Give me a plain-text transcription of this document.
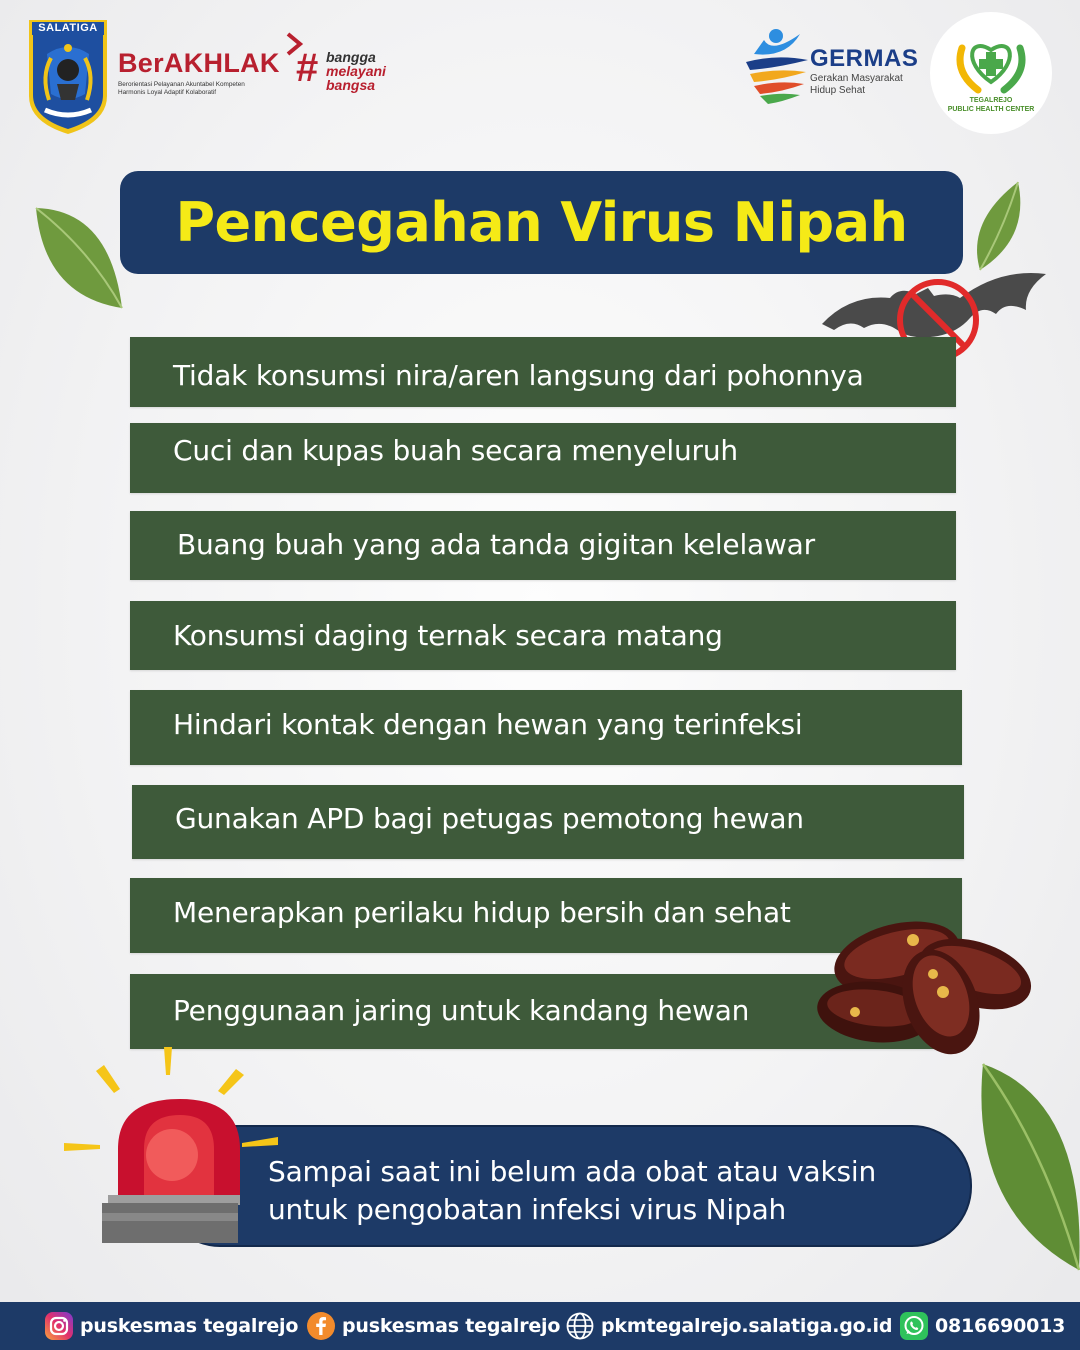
SALATIGA
BerAKHLAK
Berorientasi Pelayanan Akuntabel Kompeten
Harmonis Loyal Adaptif Kolaboratif
# bangga
melayani
bangsa
GERMAS
Gerakan Masyarakat
Hidup Sehat
TEGALREJO
PUBLIC HEALTH CENTER
Pencegahan Virus Nipah
Tidak konsumsi nira/aren langsung dari pohonnya
Cuci dan kupas buah secara menyeluruh
Buang buah yang ada tanda gigitan kelelawar
Konsumsi daging ternak secara matang
Hindari kontak dengan hewan yang terinfeksi
Gunakan APD bagi petugas pemotong hewan
Menerapkan perilaku hidup bersih dan sehat
Penggunaan jaring untuk kandang hewan
Sampai saat ini belum ada obat atau vaksin
untuk pengobatan infeksi virus Nipah
puskesmas tegalrejo puskesmas tegalrejo pkmtegalrejo.salatiga.go.id 0816690013
